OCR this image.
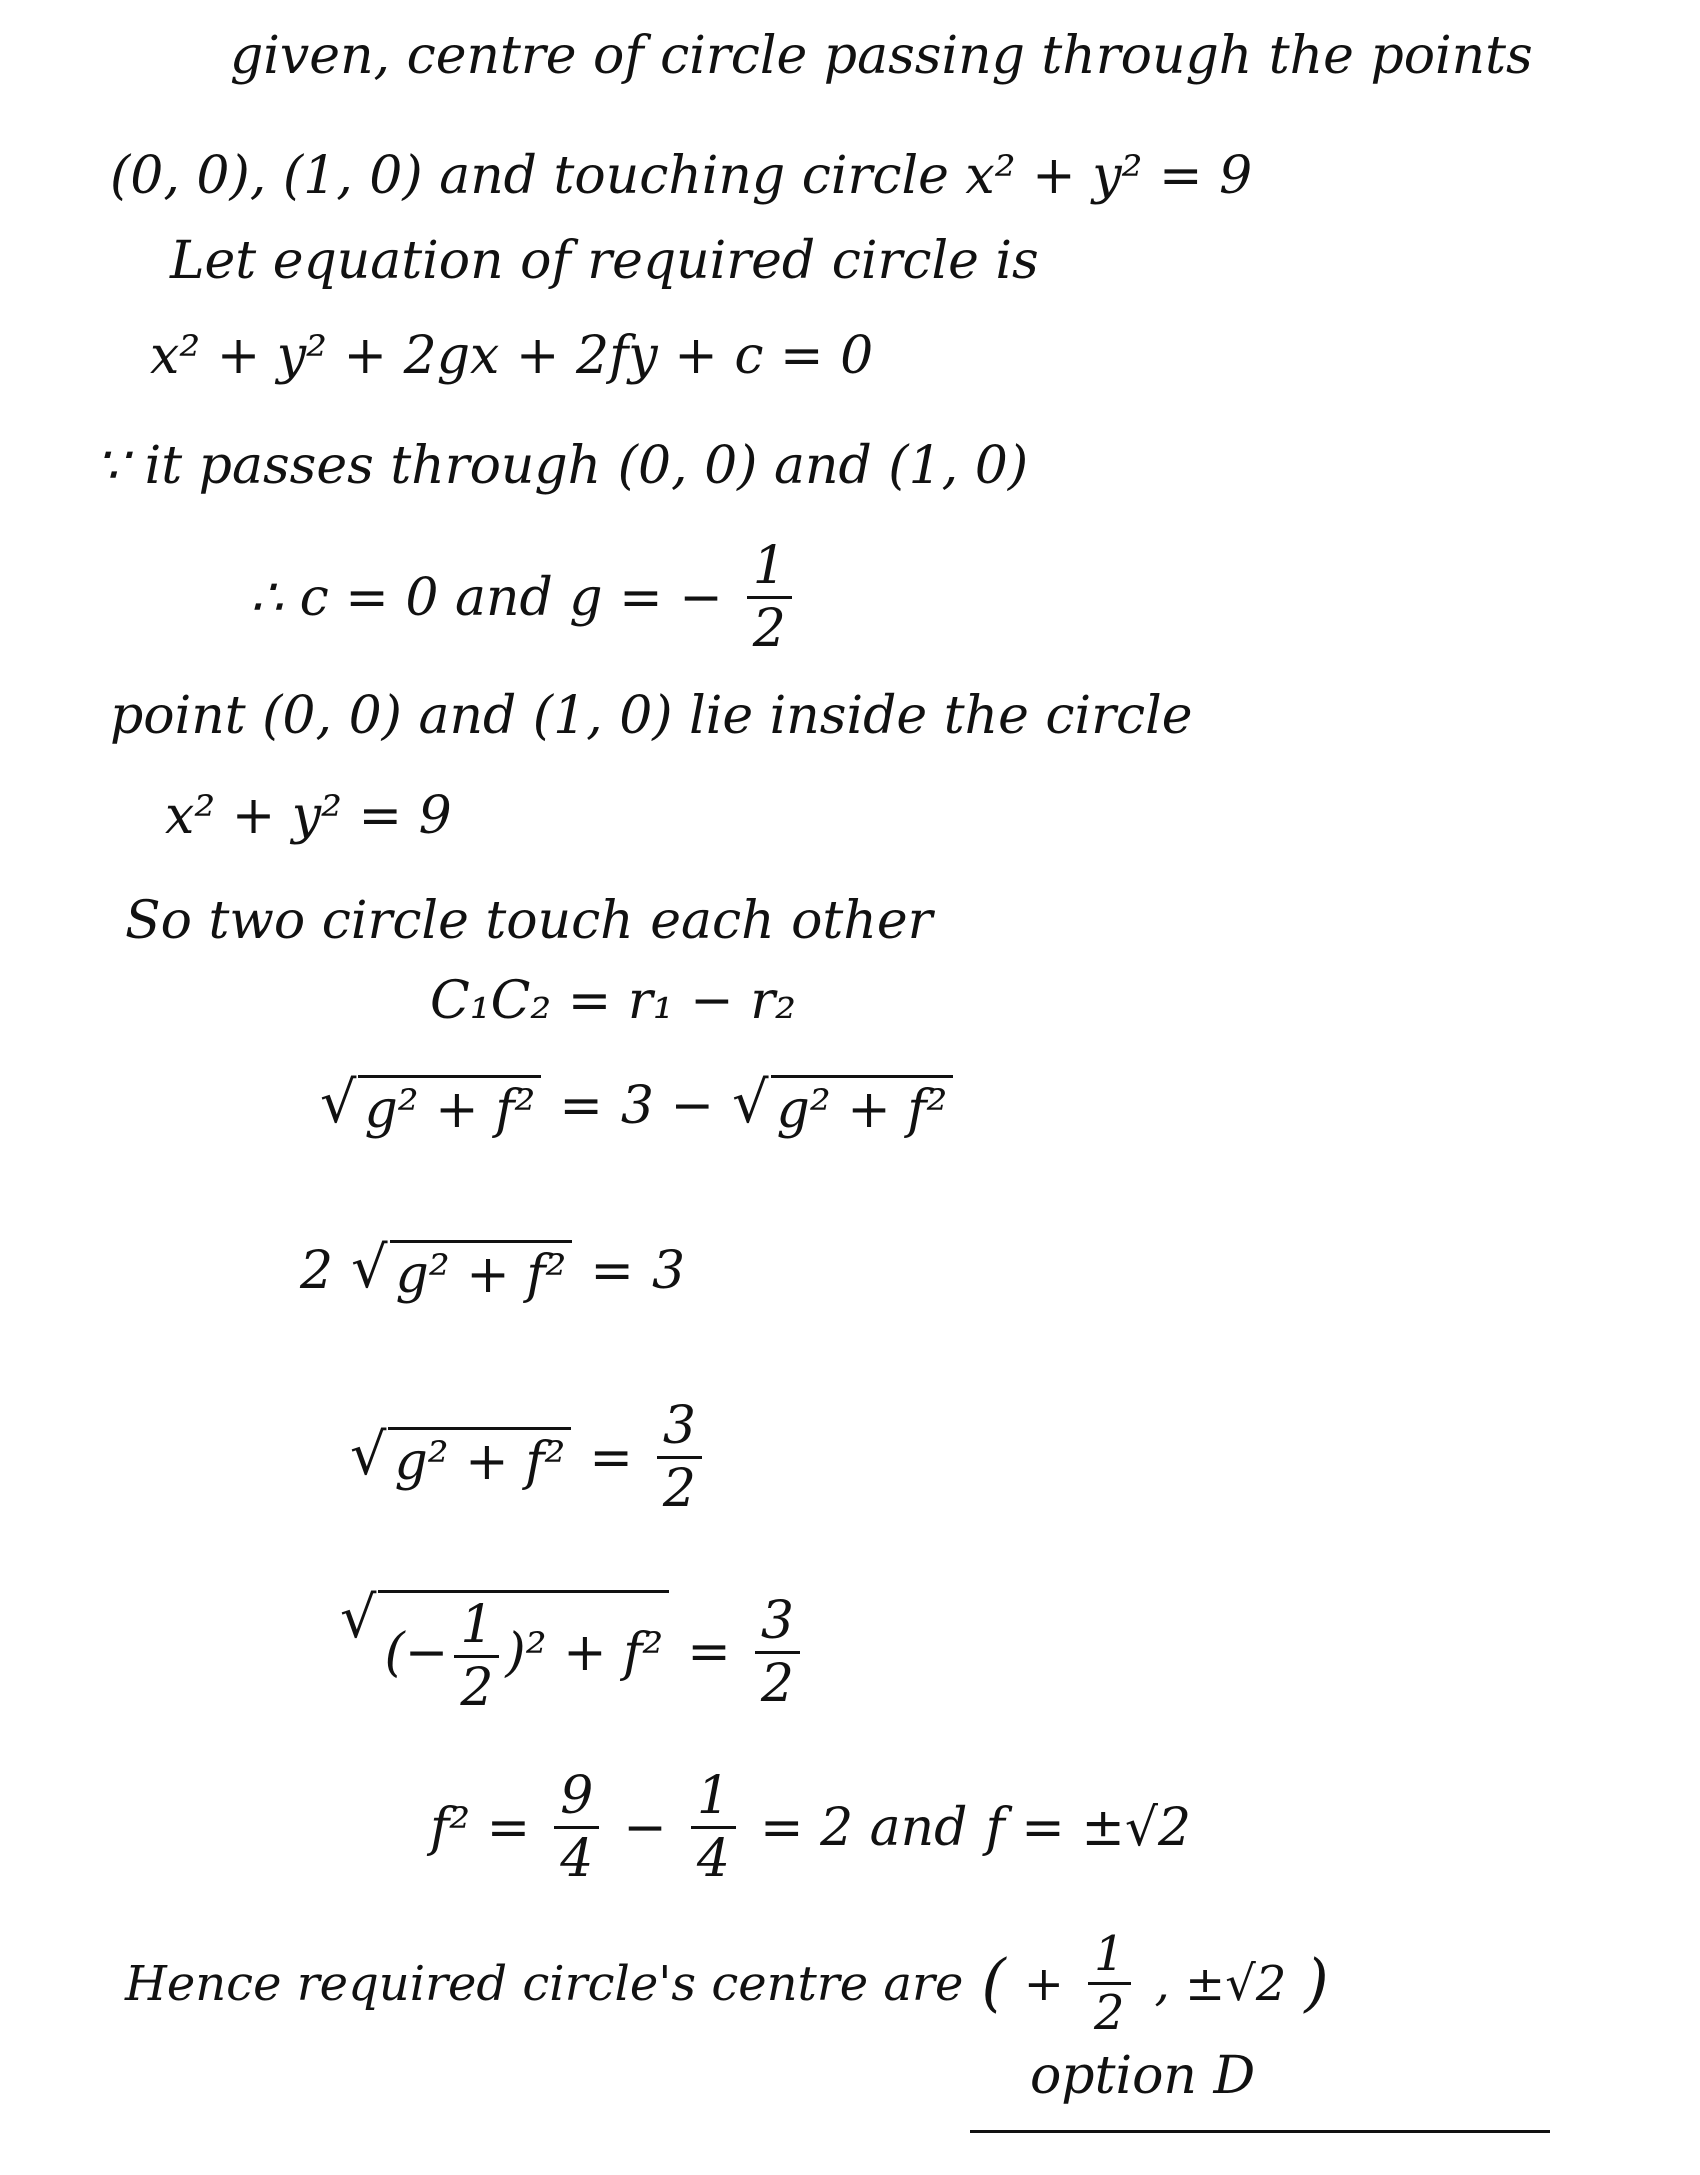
given, centre of circle passing through the points
(0, 0), (1, 0) and touching circle x² + y² = 9
Let equation of required circle is
x² + y² + 2gx + 2fy + c = 0
∵ it passes through (0, 0) and (1, 0)
∴ c = 0 and g = − $\frac{1}{2}$
point (0, 0) and (1, 0) lie inside the circle
x² + y² = 9
So two circle touch each other
C₁C₂ = r₁ − r₂
√ g² + f² = 3 − √ g² + f²
2 √ g² + f² = 3
√ $g^2 + f^2 = \frac{3}{2}$
√
(− $\frac{1}{2} )^2 + f^2 = \frac{3}{2}$
$f^2 = \frac{9}{4} - \frac{1}{4} = 2$ and f = ±√2
Hence required circle's centre are ( + $\frac{1}{2}$ , ±√2 )
option D
